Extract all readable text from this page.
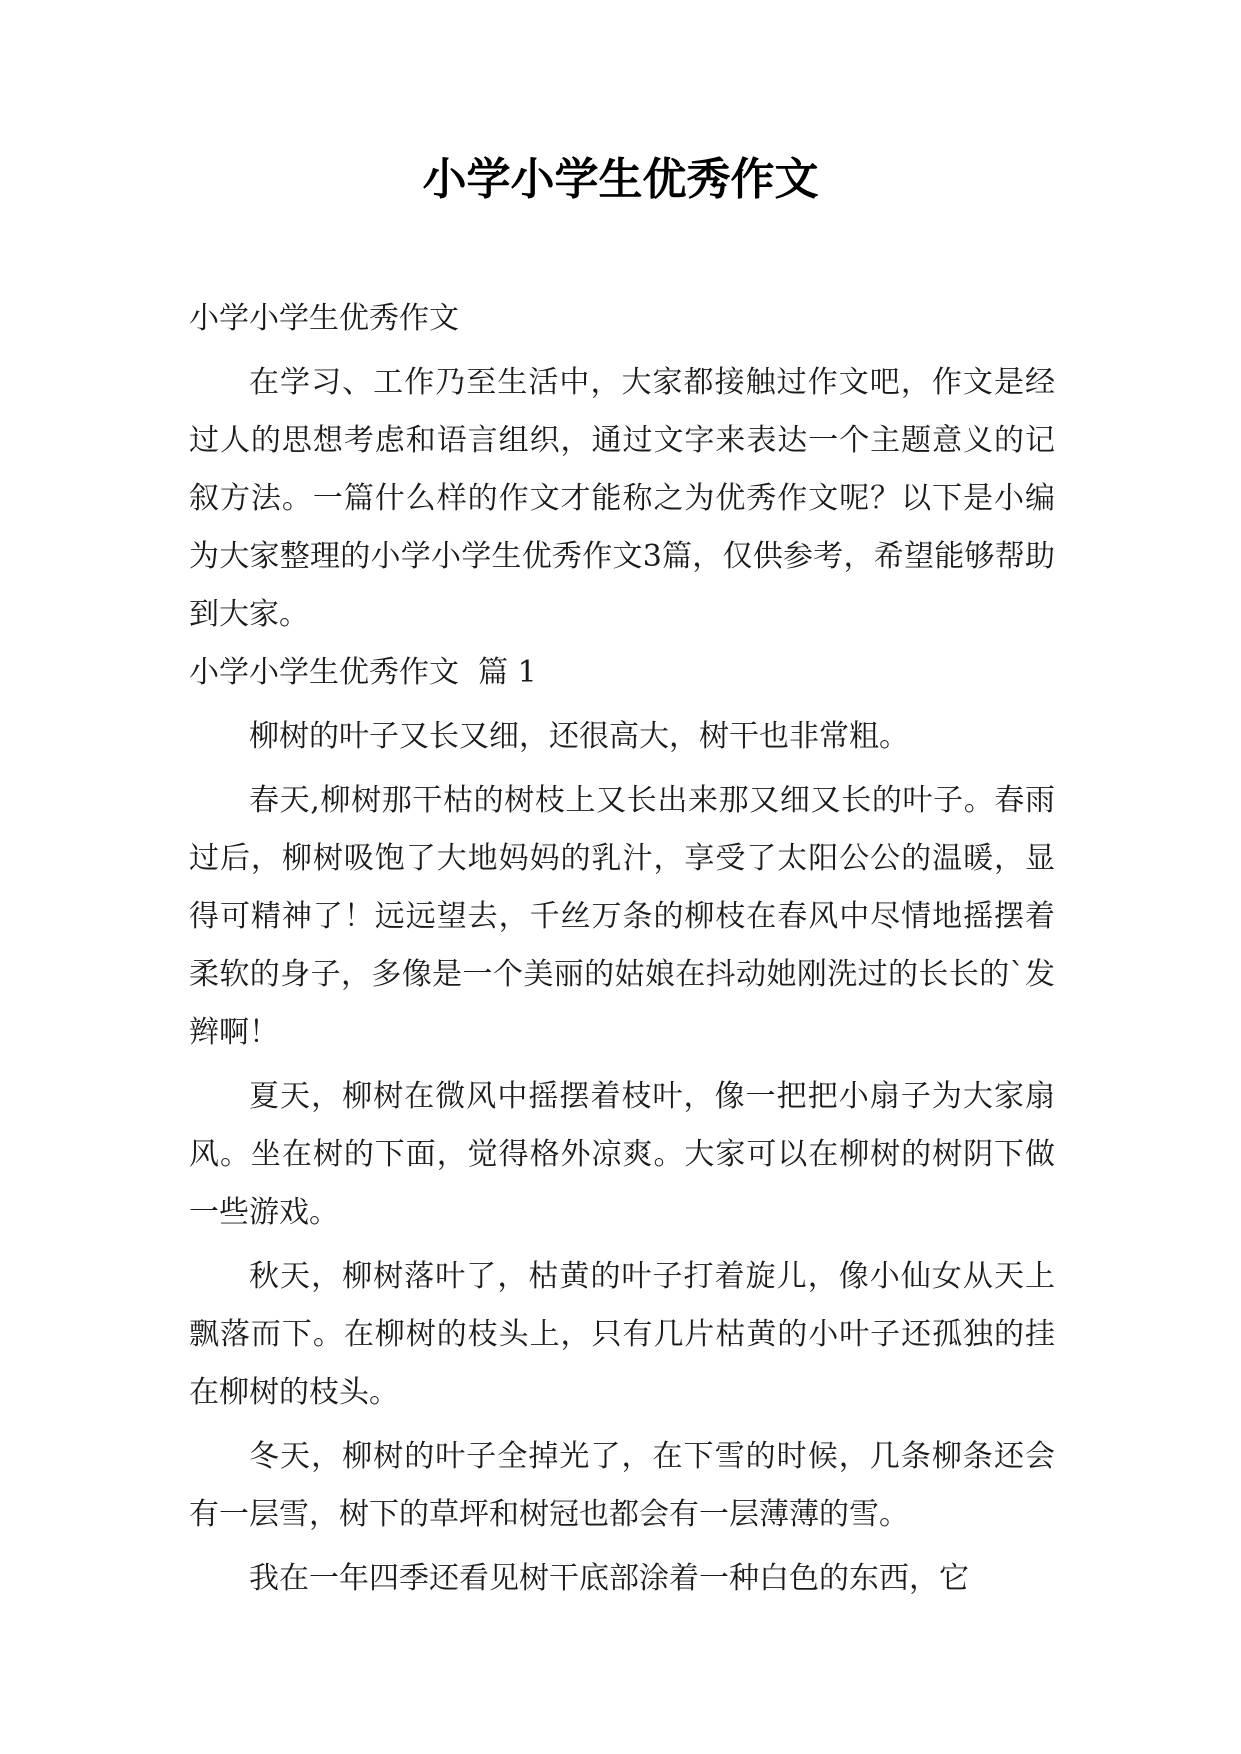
小学小学生优秀作文

小学小学生优秀作文

在学习、工作乃至生活中，大家都接触过作文吧，作文是经过人的思想考虑和语言组织，通过文字来表达一个主题意义的记叙方法。一篇什么样的作文才能称之为优秀作文呢？以下是小编为大家整理的小学小学生优秀作文3篇，仅供参考，希望能够帮助到大家。

小学小学生优秀作文  篇 1

柳树的叶子又长又细，还很高大，树干也非常粗。

春天,柳树那干枯的树枝上又长出来那又细又长的叶子。春雨过后，柳树吸饱了大地妈妈的乳汁，享受了太阳公公的温暖，显得可精神了！远远望去，千丝万条的柳枝在春风中尽情地摇摆着柔软的身子，多像是一个美丽的姑娘在抖动她刚洗过的长长的`发辫啊！

夏天，柳树在微风中摇摆着枝叶，像一把把小扇子为大家扇风。坐在树的下面，觉得格外凉爽。大家可以在柳树的树阴下做一些游戏。

秋天，柳树落叶了，枯黄的叶子打着旋儿，像小仙女从天上飘落而下。在柳树的枝头上，只有几片枯黄的小叶子还孤独的挂在柳树的枝头。

冬天，柳树的叶子全掉光了，在下雪的时候，几条柳条还会有一层雪，树下的草坪和树冠也都会有一层薄薄的雪。

我在一年四季还看见树干底部涂着一种白色的东西，它
